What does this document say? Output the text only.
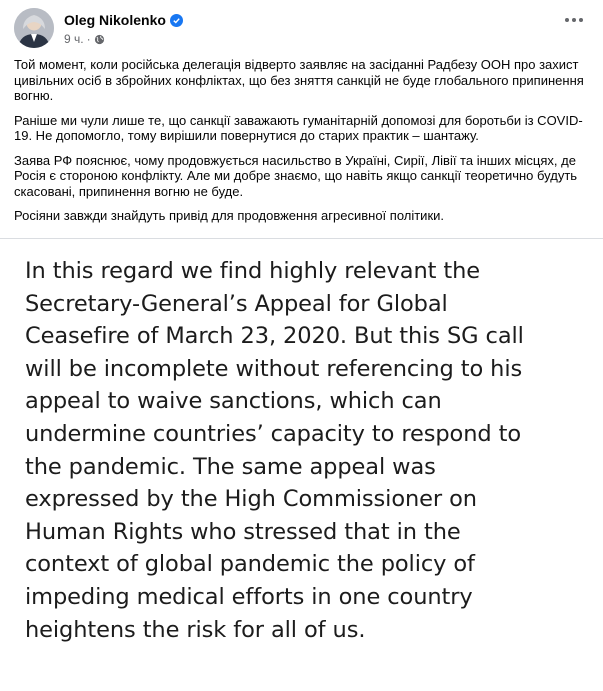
Oleg Nikolenko
9 ч. ·

Той момент, коли російська делегація відверто заявляє на засіданні Радбезу ООН про захист цивільних осіб в збройних конфліктах, що без зняття санкцій не буде глобального припинення вогню.

Раніше ми чули лише те, що санкції заважають гуманітарній допомозі для боротьби із COVID-19. Не допомогло, тому вирішили повернутися до старих практик – шантажу.

Заява РФ пояснює, чому продовжується насильство в Україні, Сирії, Лівії та інших місцях, де Росія є стороною конфлікту. Але ми добре знаємо, що навіть якщо санкції теоретично будуть скасовані, припинення вогню не буде.

Росіяни завжди знайдуть привід для продовження агресивної політики.

In this regard we find highly relevant the
Secretary-General’s Appeal for Global
Ceasefire of March 23, 2020. But this SG call
will be incomplete without referencing to his
appeal to waive sanctions, which can
undermine countries’ capacity to respond to
the pandemic. The same appeal was
expressed by the High Commissioner on
Human Rights who stressed that in the
context of global pandemic the policy of
impeding medical efforts in one country
heightens the risk for all of us.
